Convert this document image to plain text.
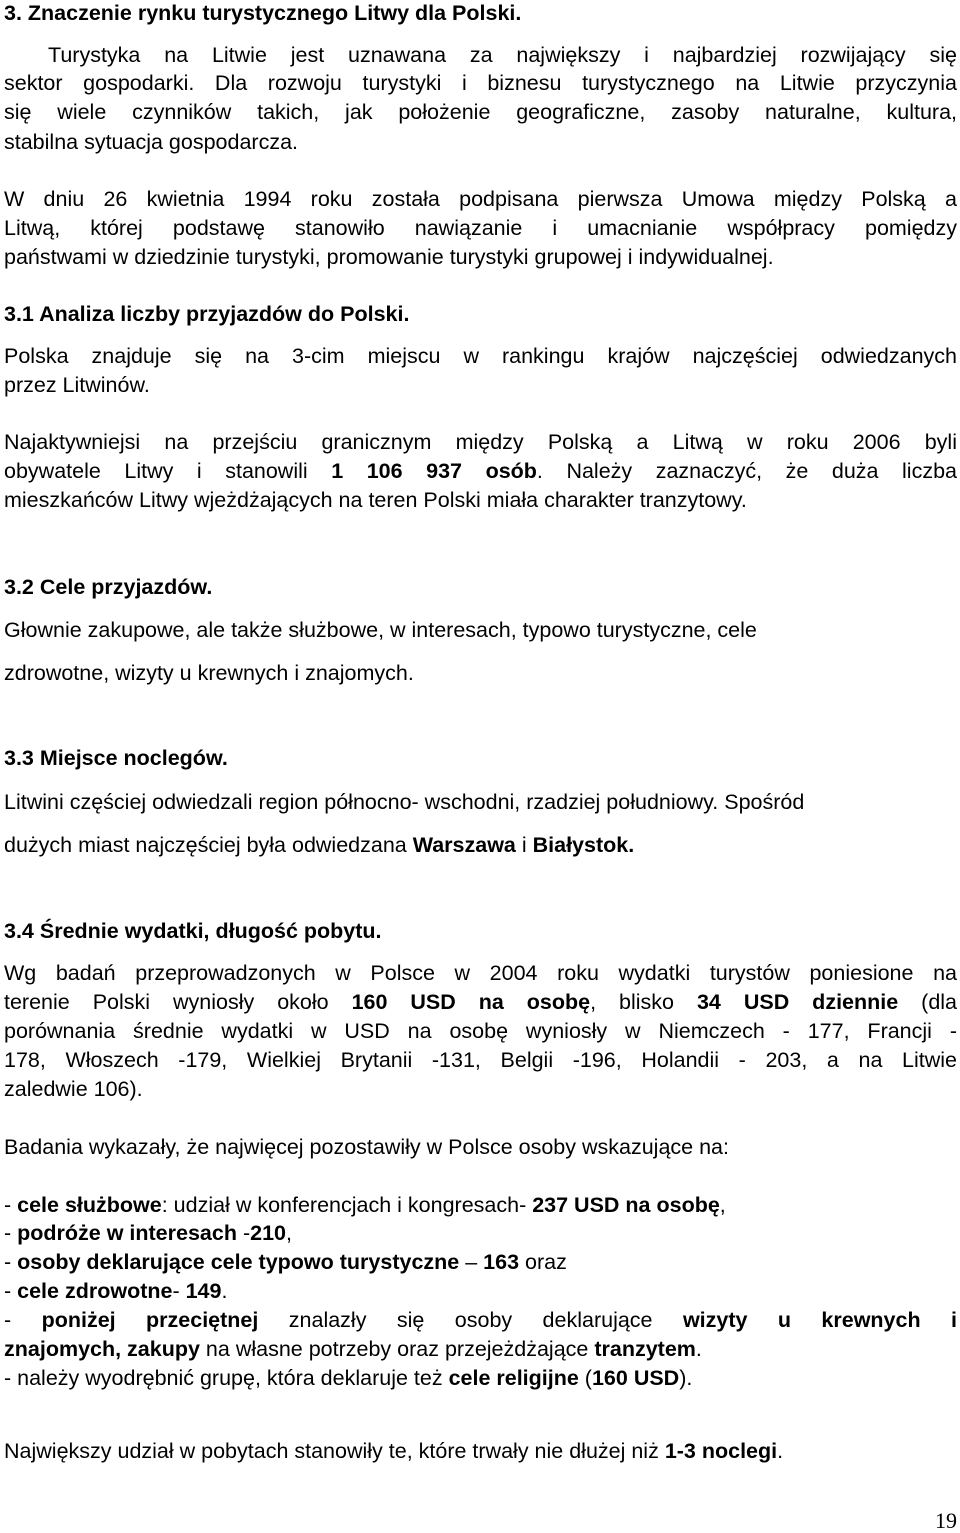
3. Znaczenie rynku turystycznego Litwy dla Polski.
Turystyka na Litwie jest uznawana za największy i najbardziej rozwijający się
sektor gospodarki. Dla rozwoju turystyki i biznesu turystycznego na Litwie przyczynia
się wiele czynników takich, jak położenie geograficzne, zasoby naturalne, kultura,
stabilna sytuacja gospodarcza.
W dniu 26 kwietnia 1994 roku została podpisana pierwsza Umowa między Polską a
Litwą, której podstawę stanowiło nawiązanie i umacnianie współpracy pomiędzy
państwami w dziedzinie turystyki, promowanie turystyki grupowej i indywidualnej.
3.1 Analiza liczby przyjazdów do Polski.
Polska znajduje się na 3-cim miejscu w rankingu krajów najczęściej odwiedzanych
przez Litwinów.
Najaktywniejsi na przejściu granicznym między Polską a Litwą w roku 2006 byli
obywatele Litwy i stanowili 1 106 937 osób. Należy zaznaczyć, że duża liczba
mieszkańców Litwy wjeżdżających na teren Polski miała charakter tranzytowy.
3.2 Cele przyjazdów.
Głownie zakupowe, ale także służbowe, w interesach, typowo turystyczne, cele
zdrowotne, wizyty u krewnych i znajomych.
3.3 Miejsce noclegów.
Litwini częściej odwiedzali region północno- wschodni, rzadziej południowy. Spośród
dużych miast najczęściej była odwiedzana Warszawa i Białystok.
3.4 Średnie wydatki, długość pobytu.
Wg badań przeprowadzonych w Polsce w 2004 roku wydatki turystów poniesione na
terenie Polski wyniosły około 160 USD na osobę, blisko 34 USD dziennie (dla
porównania średnie wydatki w USD na osobę wyniosły w Niemczech - 177, Francji -
178, Włoszech -179, Wielkiej Brytanii -131, Belgii -196, Holandii - 203, a na Litwie
zaledwie 106).
Badania wykazały, że najwięcej pozostawiły w Polsce osoby wskazujące na:
- cele służbowe: udział w konferencjach i kongresach- 237 USD na osobę,
- podróże w interesach -210,
- osoby deklarujące cele typowo turystyczne – 163 oraz
- cele zdrowotne- 149.
- poniżej przeciętnej znalazły się osoby deklarujące wizyty u krewnych i
znajomych, zakupy na własne potrzeby oraz przejeżdżające tranzytem.
- należy wyodrębnić grupę, która deklaruje też cele religijne (160 USD).
Największy udział w pobytach stanowiły te, które trwały nie dłużej niż 1-3 noclegi.
19
